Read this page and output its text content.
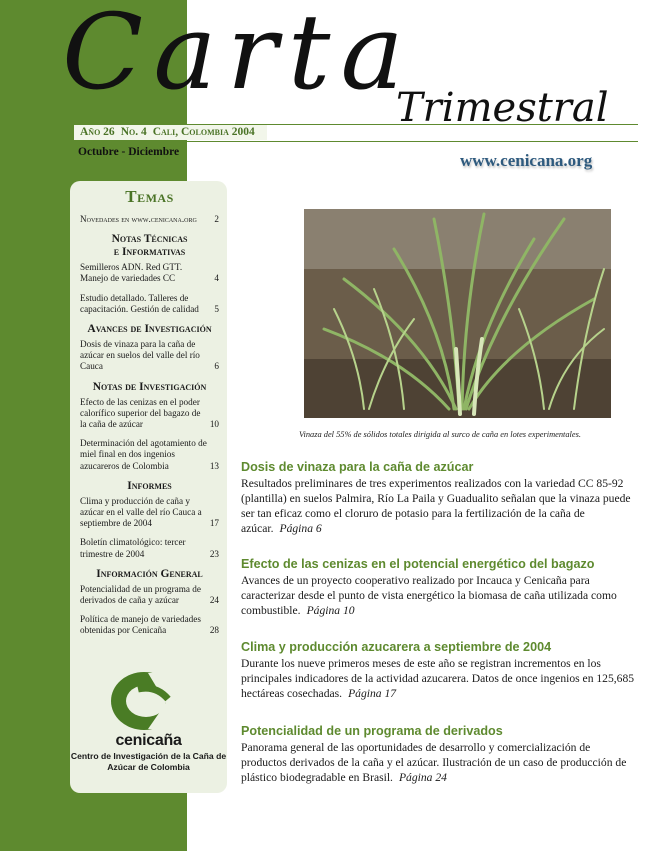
Carta
Trimestral
Año 26 No. 4 Cali, Colombia 2004
Octubre - Diciembre	www.cenicana.org
Temas
Novedades en www.cenicana.org 2
Notas Técnicas
e Informativas
Semilleros ADN. Red GTT. Manejo de variedades CC	4
Estudio detallado. Talleres de capacitación. Gestión de calidad 5
Avances de Investigación
Dosis de vinaza para la caña de azúcar en suelos del valle del río Cauca	6
Notas de Investigación
Efecto de las cenizas en el poder calorífico superior del bagazo de la caña de azúcar	10
Determinación del agotamiento de miel final en dos ingenios azucareros de Colombia	13
Informes
Clima y producción de caña y azúcar en el valle del río Cauca a septiembre de 2004	17
Boletín climatológico: tercer trimestre de 2004	23
Información General
Potencialidad de un programa de derivados de caña y azúcar	24
Política de manejo de variedades obtenidas por Cenicaña	28
cenicaña
Centro de Investigación de la Caña de Azúcar de Colombia
Vinaza del 55% de sólidos totales dirigida al surco de caña en lotes experimentales.
Dosis de vinaza para la caña de azúcar
Resultados preliminares de tres experimentos realizados con la variedad CC 85-92 (plantilla) en suelos Palmira, Río La Paila y Guadualito señalan que la vinaza puede ser tan eficaz como el cloruro de potasio para la fertilización de la caña de azúcar. Página 6
Efecto de las cenizas en el potencial energético del bagazo
Avances de un proyecto cooperativo realizado por Incauca y Cenicaña para caracterizar desde el punto de vista energético la biomasa de caña utilizada como combustible. Página 10
Clima y producción azucarera a septiembre de 2004
Durante los nueve primeros meses de este año se registran incrementos en los principales indicadores de la actividad azucarera. Datos de once ingenios en 125,685 hectáreas cosechadas. Página 17
Potencialidad de un programa de derivados
Panorama general de las oportunidades de desarrollo y comercialización de productos derivados de la caña y el azúcar. Ilustración de un caso de producción de plástico biodegradable en Brasil. Página 24
